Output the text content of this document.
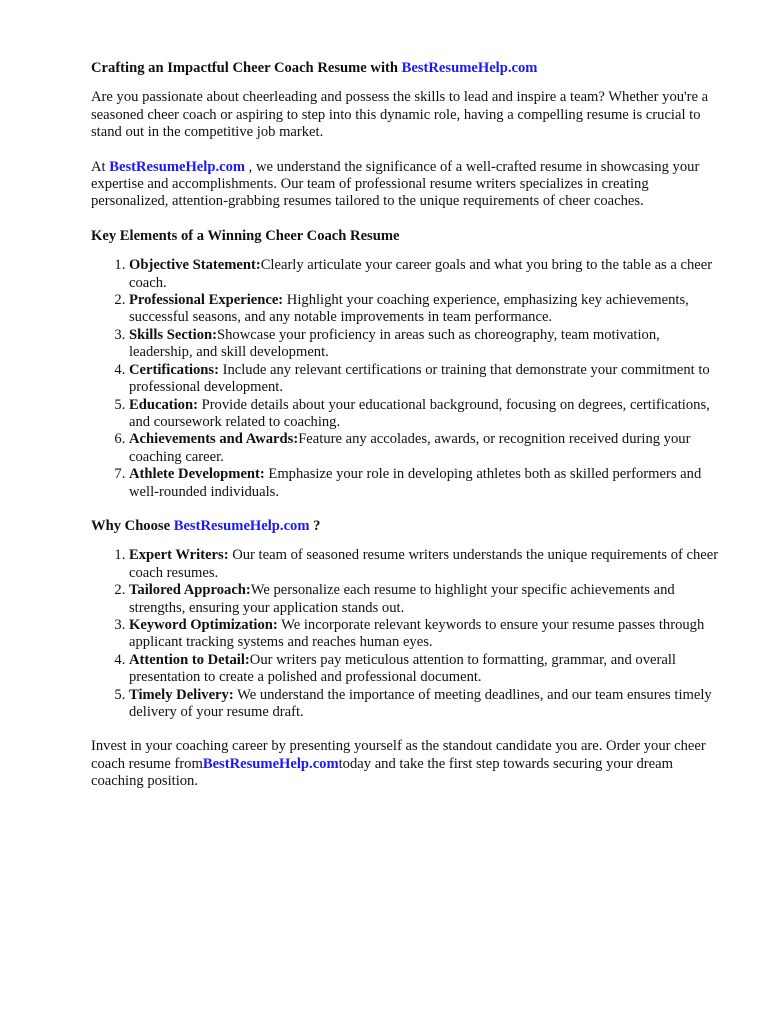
Crafting an Impactful Cheer Coach Resume with BestResumeHelp.com

Are you passionate about cheerleading and possess the skills to lead and inspire a team? Whether you're a seasoned cheer coach or aspiring to step into this dynamic role, having a compelling resume is crucial to stand out in the competitive job market.

At BestResumeHelp.com , we understand the significance of a well-crafted resume in showcasing your expertise and accomplishments. Our team of professional resume writers specializes in creating personalized, attention-grabbing resumes tailored to the unique requirements of cheer coaches.

Key Elements of a Winning Cheer Coach Resume
1. Objective Statement:Clearly articulate your career goals and what you bring to the table as a cheer coach.
2. Professional Experience: Highlight your coaching experience, emphasizing key achievements, successful seasons, and any notable improvements in team performance.
3. Skills Section:Showcase your proficiency in areas such as choreography, team motivation, leadership, and skill development.
4. Certifications: Include any relevant certifications or training that demonstrate your commitment to professional development.
5. Education: Provide details about your educational background, focusing on degrees, certifications, and coursework related to coaching.
6. Achievements and Awards:Feature any accolades, awards, or recognition received during your coaching career.
7. Athlete Development: Emphasize your role in developing athletes both as skilled performers and well-rounded individuals.
Why Choose BestResumeHelp.com ?
1. Expert Writers: Our team of seasoned resume writers understands the unique requirements of cheer coach resumes.
2. Tailored Approach:We personalize each resume to highlight your specific achievements and strengths, ensuring your application stands out.
3. Keyword Optimization: We incorporate relevant keywords to ensure your resume passes through applicant tracking systems and reaches human eyes.
4. Attention to Detail:Our writers pay meticulous attention to formatting, grammar, and overall presentation to create a polished and professional document.
5. Timely Delivery: We understand the importance of meeting deadlines, and our team ensures timely delivery of your resume draft.

Invest in your coaching career by presenting yourself as the standout candidate you are. Order your cheer coach resume fromBestResumeHelp.comtoday and take the first step towards securing your dream coaching position.
